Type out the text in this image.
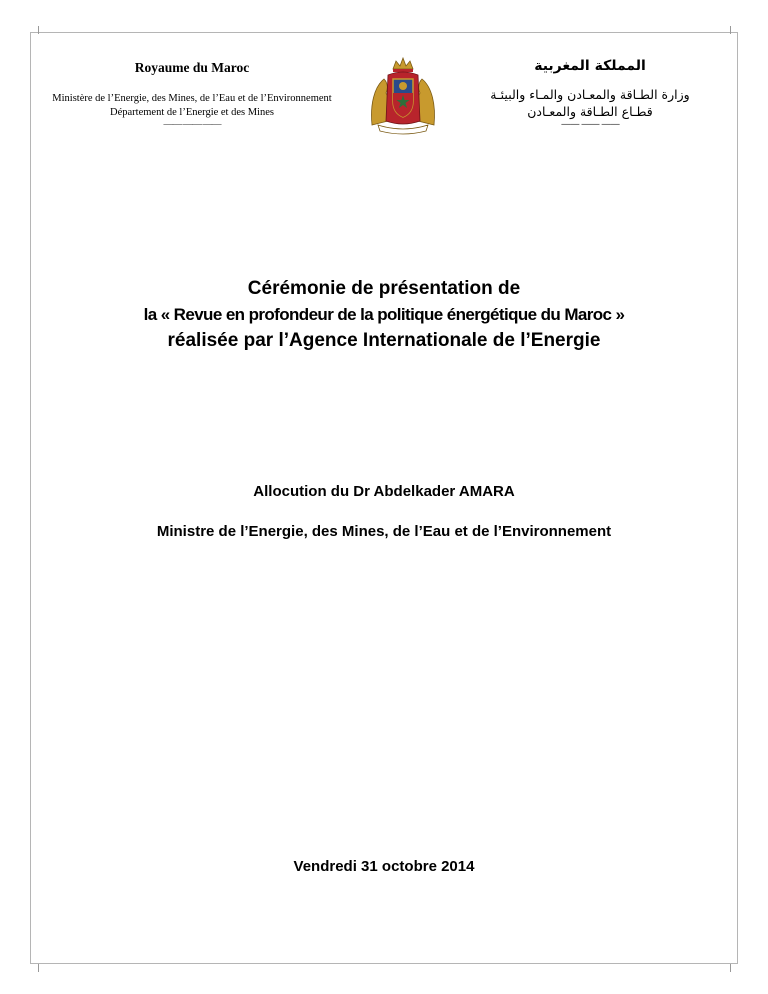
Royaume du Maroc
Ministère de l’Energie, des Mines, de l’Eau et de l’Environnement
Département de l’Energie et des Mines
—— —— ——
المملكة المغربية
وزارة الطـاقة والمعـادن والمـاء والبيئـة
قطـاع الطـاقة والمعـادن
—— —— ——
Cérémonie de présentation de
la « Revue en profondeur de la politique énergétique du Maroc »
réalisée par l’Agence Internationale de l’Energie
Allocution du Dr Abdelkader AMARA
Ministre de l’Energie, des Mines, de l’Eau et de l’Environnement
Vendredi 31 octobre 2014
